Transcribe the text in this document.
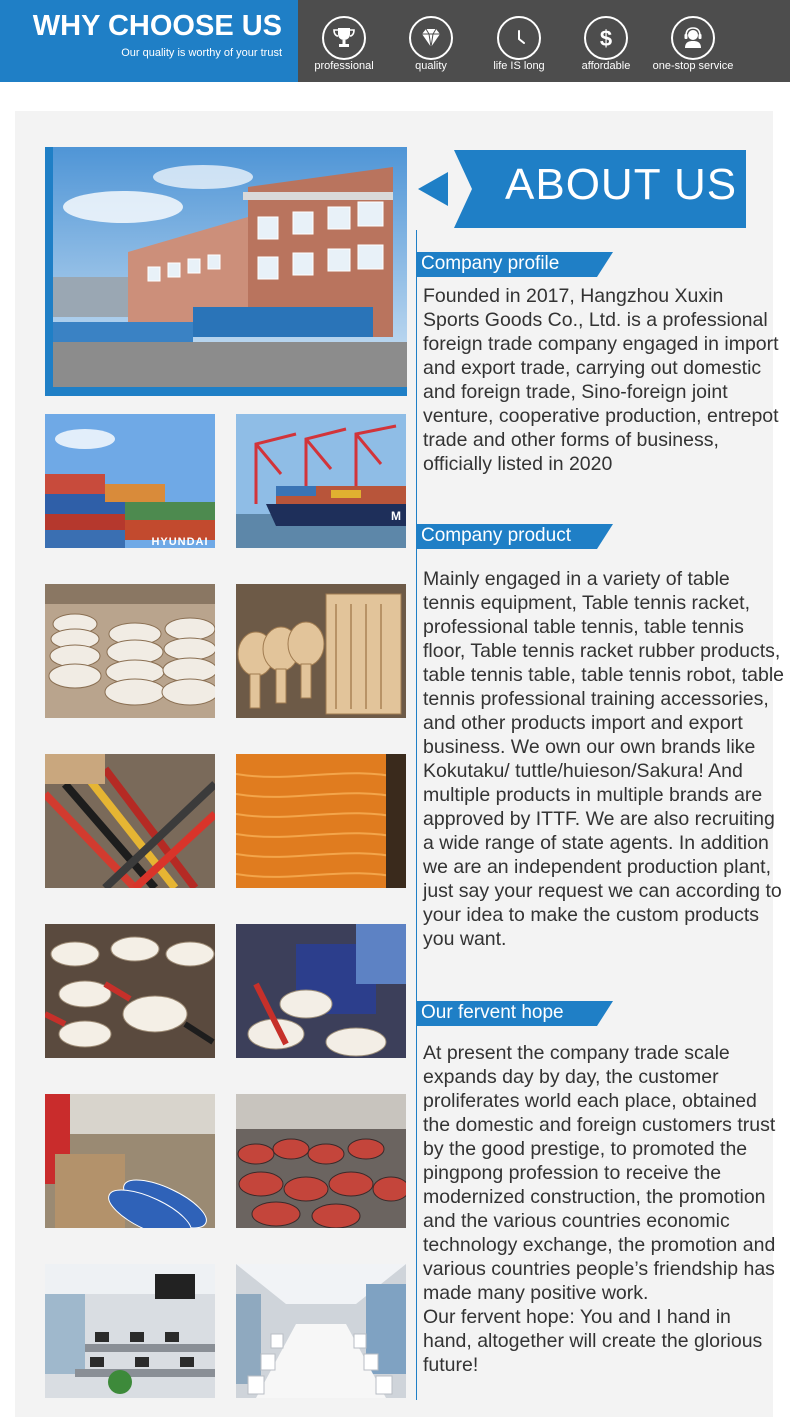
WHY CHOOSE US
Our quality is worthy of your trust
professional	quality	life IS long
$
affordable	one-stop service
HYUNDAI
M
ABOUT US
Company profile

Founded in 2017, Hangzhou Xuxin Sports Goods Co., Ltd. is a professional foreign trade company engaged in import and export trade, carrying out domestic and foreign trade, Sino-foreign joint venture, cooperative production, entrepot trade and other forms of business, officially listed in 2020

Company product

Mainly engaged in a variety of table tennis equipment, Table tennis racket, professional table tennis, table tennis floor, Table tennis racket rubber products, table tennis table, table tennis robot, table tennis professional training accessories, and other products import and export business. We own our own brands like Kokutaku/ tuttle/huieson/Sakura! And multiple products in multiple brands are approved by ITTF. We are also recruiting a wide range of state agents. In addition we are an independent production plant, just say your request we can according to your idea to make the custom products you want.

Our fervent hope

At present the company trade scale expands day by day, the customer proliferates world each place, obtained the domestic and foreign customers trust by the good prestige, to promoted the pingpong profession to receive the modernized construction, the promotion and the various countries economic technology exchange, the promotion and various countries people’s friendship has made many positive work.
Our fervent hope: You and I hand in hand, altogether will create the glorious future!
